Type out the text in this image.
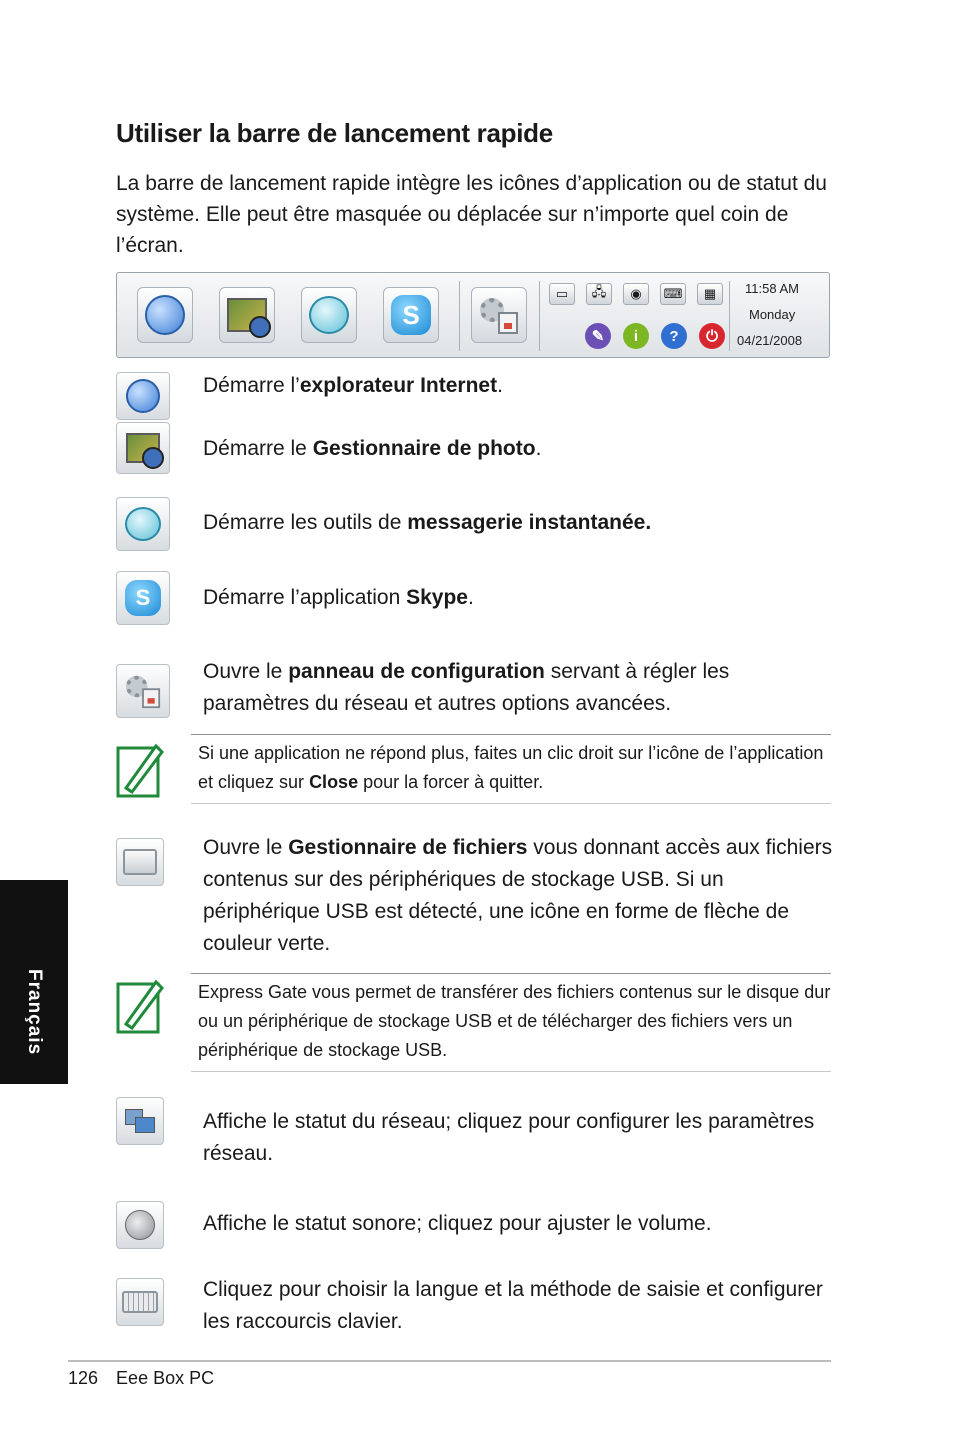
Utiliser la barre de lancement rapide
La barre de lancement rapide intègre les icônes d’application ou de statut du système. Elle peut être masquée ou déplacée sur n’importe quel coin de l’écran.
S
▭	🖧	◉	⌨	▦
✎	i	?	⏻
11:58 AM
Monday
04/21/2008
Démarre l’explorateur Internet.
Démarre le Gestionnaire de photo.
Démarre les outils de messagerie instantanée.
S	Démarre l’application Skype.
Ouvre le panneau de configuration servant à régler les paramètres du réseau et autres options avancées.
Si une application ne répond plus, faites un clic droit sur l’icône de l’application et cliquez sur Close pour la forcer à quitter.
Ouvre le Gestionnaire de fichiers vous donnant accès aux fichiers contenus sur des périphériques de stockage USB. Si un périphérique USB est détecté, une icône en forme de flèche de couleur verte.
Express Gate vous permet de transférer des fichiers contenus sur le disque dur ou un périphérique de stockage USB et de télécharger des fichiers vers un périphérique de stockage USB.
Affiche le statut du réseau; cliquez pour configurer les paramètres réseau.
Affiche le statut sonore; cliquez pour ajuster le volume.
Cliquez pour choisir la langue et la méthode de saisie et configurer les raccourcis clavier.
Français
126 Eee Box PC
